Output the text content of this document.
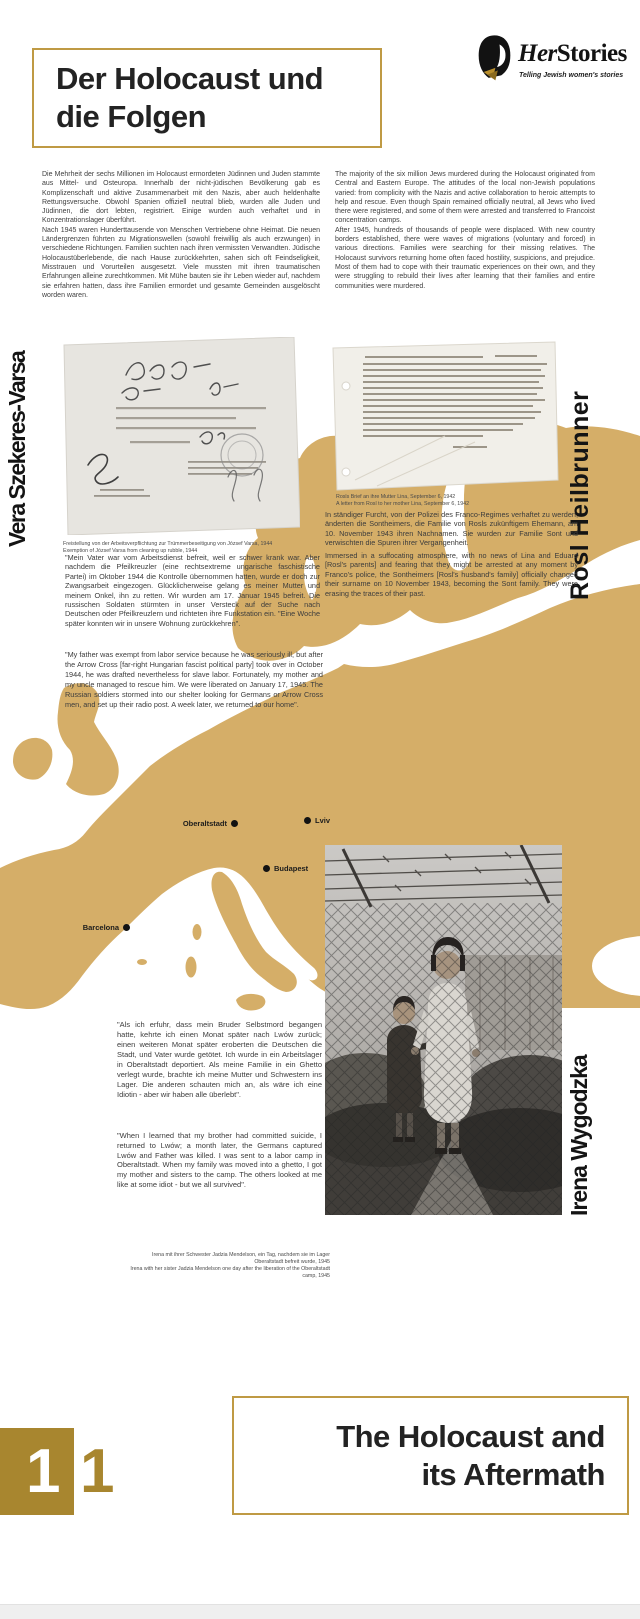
Der Holocaust und die Folgen
HerStories
Telling Jewish women's stories

Die Mehrheit der sechs Millionen im Holocaust ermordeten Jüdinnen und Juden stammte aus Mittel- und Osteuropa. Innerhalb der nicht-jüdischen Bevölkerung gab es Komplizenschaft und aktive Zusammenarbeit mit den Nazis, aber auch heldenhafte Rettungsversuche. Obwohl Spanien offiziell neutral blieb, wurden alle Juden und Jüdinnen, die dort lebten, registriert. Einige wurden auch verhaftet und in Konzentrationslager überführt.

Nach 1945 waren Hunderttausende von Menschen Vertriebene ohne Heimat. Die neuen Ländergrenzen führten zu Migrationswellen (sowohl freiwillig als auch erzwungen) in verschiedene Richtungen. Familien suchten nach ihren vermissten Verwandten. Jüdische Holocaustüberlebende, die nach Hause zurückkehrten, sahen sich oft Feindseligkeit, Misstrauen und Vorurteilen ausgesetzt. Viele mussten mit ihren traumatischen Erfahrungen alleine zurechtkommen. Mit Mühe bauten sie ihr Leben wieder auf, nachdem sie erfahren hatten, dass ihre Familien ermordet und gesamte Gemeinden ausgelöscht worden waren.

The majority of the six million Jews murdered during the Holocaust originated from Central and Eastern Europe. The attitudes of the local non-Jewish populations varied: from complicity with the Nazis and active collaboration to heroic attempts to help and rescue. Even though Spain remained officially neutral, all Jews who lived there were registered, and some of them were arrested and transferred to Francoist concentration camps.

After 1945, hundreds of thousands of people were displaced. With new country borders established, there were waves of migrations (voluntary and forced) in various directions. Families were searching for their missing relatives. The Holocaust survivors returning home often faced hostility, suspicions, and prejudice. Most of them had to cope with their traumatic experiences on their own, and they were struggling to rebuild their lives after learning that their families and entire communities were murdered.

Vera Szekeres-Varsa	Freistellung von der Arbeitsverpflichtung zur Trümmerbeseitigung von József Varsa, 1944
Exemption of József Varsa from cleaning up rubble, 1944
"Mein Vater war vom Arbeitsdienst befreit, weil er schwer krank war. Aber nachdem die Pfeilkreuzler (eine rechtsextreme ungarische faschistische Partei) im Oktober 1944 die Kontrolle übernommen hatten, wurde er doch zur Zwangsarbeit eingezogen. Glücklicherweise gelang es meiner Mutter und meinem Onkel, ihn zu retten. Wir wurden am 17. Januar 1945 befreit. Die russischen Soldaten stürmten in unser Versteck auf der Suche nach Deutschen oder Pfeilkreuzlern und richteten ihre Funkstation ein. "Eine Woche später konnten wir in unsere Wohnung zurückkehren".
"My father was exempt from labor service because he was seriously ill, but after the Arrow Cross [far-right Hungarian fascist political party] took over in October 1944, he was drafted nevertheless for slave labor. Fortunately, my mother and my uncle managed to rescue him. We were liberated on January 17, 1945. The Russian soldiers stormed into our shelter looking for Germans or Arrow Cross men, and set up their radio post. A week later, we returned to our home".
Rosl Heilbrunner
Rosls Brief an ihre Mutter Lina, September 6, 1942
A letter from Rosl to her mother Lina, September 6, 1942
In ständiger Furcht, von der Polizei des Franco-Regimes verhaftet zu werden, änderten die Sontheimers, die Familie von Rosls zukünftigem Ehemann, am 10. November 1943 ihren Nachnamen. Sie wurden zur Familie Sont und verwischten die Spuren ihrer Vergangenheit.
Immersed in a suffocating atmosphere, with no news of Lina and Eduard [Rosl's parents] and fearing that they might be arrested at any moment by Franco's police, the Sontheimers [Rosl's husband's family] officially changed their surname on 10 November 1943, becoming the Sont family. They were erasing the traces of their past.
Oberaltstadt	Lviv
Budapest
Barcelona
Irena Wygodzka
"Als ich erfuhr, dass mein Bruder Selbstmord begangen hatte, kehrte ich einen Monat später nach Lwów zurück; einen weiteren Monat später eroberten die Deutschen die Stadt, und Vater wurde getötet. Ich wurde in ein Arbeitslager in Oberaltstadt deportiert. Als meine Familie in ein Ghetto verlegt wurde, brachte ich meine Mutter und Schwestern ins Lager. Die anderen schauten mich an, als wäre ich eine Idiotin - aber wir haben alle überlebt".
"When I learned that my brother had committed suicide, I returned to Lwów; a month later, the Germans captured Lwów and Father was killed. I was sent to a labor camp in Oberaltstadt. When my family was moved into a ghetto, I got my mother and sisters to the camp. The others looked at me like at some idiot - but we all survived".
Irena mit ihrer Schwester Jadzia Mendelson, ein Tag, nachdem sie im Lager Oberaltstadt befreit wurde, 1945
Irena with her sister Jadzia Mendelson one day after the liberation of the Oberaltstadt camp, 1945
1 1
The Holocaust and its Aftermath
